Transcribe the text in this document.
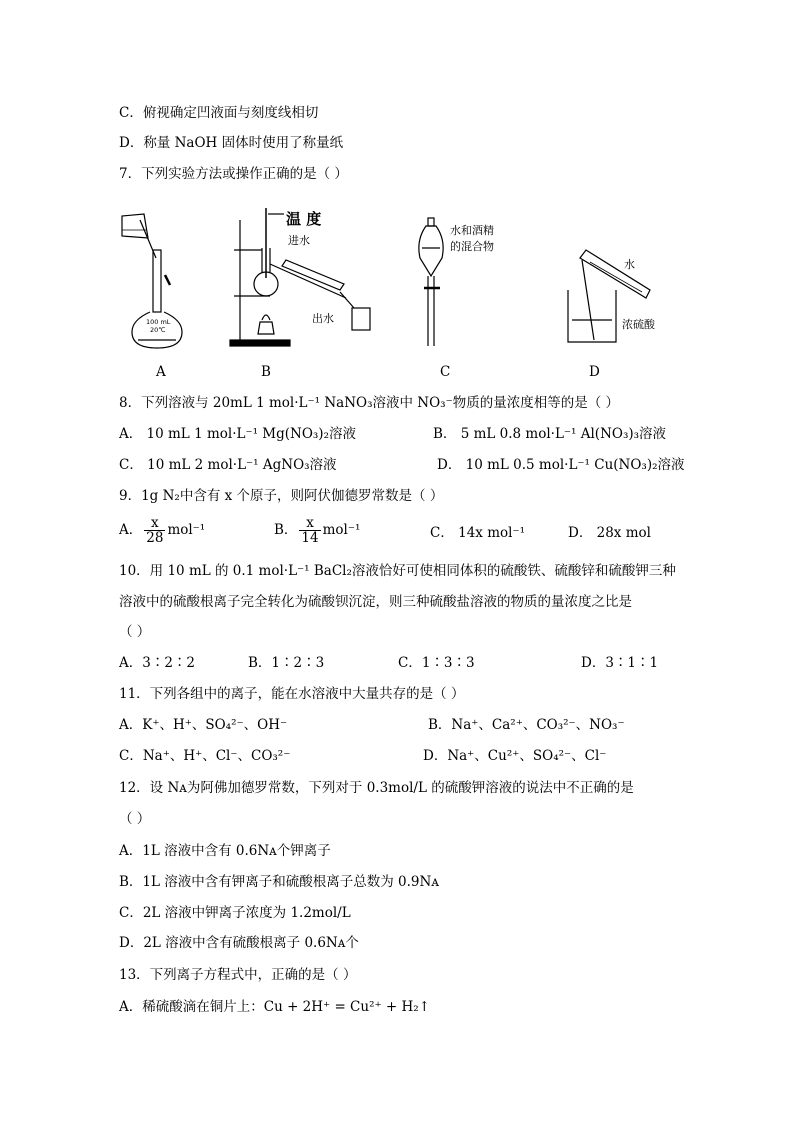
C．俯视确定凹液面与刻度线相切
D．称量 NaOH 固体时使用了称量纸
7．下列实验方法或操作正确的是（ ）
100 mL
20℃
温 度
进水
出水
水和酒精
的混合物
水
浓硫酸
A	B	C	D
8．下列溶液与 20mL 1 mol·L⁻¹ NaNO₃溶液中 NO₃⁻物质的量浓度相等的是（ ）
A． 10 mL 1 mol·L⁻¹ Mg(NO₃)₂溶液	B． 5 mL 0.8 mol·L⁻¹ Al(NO₃)₃溶液
C． 10 mL 2 mol·L⁻¹ AgNO₃溶液	D． 10 mL 0.5 mol·L⁻¹ Cu(NO₃)₂溶液
9．1g N₂中含有 x 个原子，则阿伏伽德罗常数是（ ）
A． $\frac{x}{28} mol^{-1}$	B． $\frac{x}{14} mol^{-1}$	C． 14x mol⁻¹	D． 28x mol
10．用 10 mL 的 0.1 mol·L⁻¹ BaCl₂溶液恰好可使相同体积的硫酸铁、硫酸锌和硫酸钾三种
溶液中的硫酸根离子完全转化为硫酸钡沉淀，则三种硫酸盐溶液的物质的量浓度之比是
（ ）
A．3∶2∶2	B．1∶2∶3	C．1∶3∶3	D．3∶1∶1
11．下列各组中的离子，能在水溶液中大量共存的是（ ）
A．K⁺、H⁺、SO₄²⁻、OH⁻	B．Na⁺、Ca²⁺、CO₃²⁻、NO₃⁻
C．Na⁺、H⁺、Cl⁻、CO₃²⁻	D．Na⁺、Cu²⁺、SO₄²⁻、Cl⁻
12．设 Nᴀ为阿佛加德罗常数，下列对于 0.3mol/L 的硫酸钾溶液的说法中不正确的是
（ ）
A．1L 溶液中含有 0.6Nᴀ个钾离子
B．1L 溶液中含有钾离子和硫酸根离子总数为 0.9Nᴀ
C．2L 溶液中钾离子浓度为 1.2mol/L
D．2L 溶液中含有硫酸根离子 0.6Nᴀ个
13．下列离子方程式中，正确的是（ ）
A．稀硫酸滴在铜片上：Cu + 2H⁺ = Cu²⁺ + H₂↑
